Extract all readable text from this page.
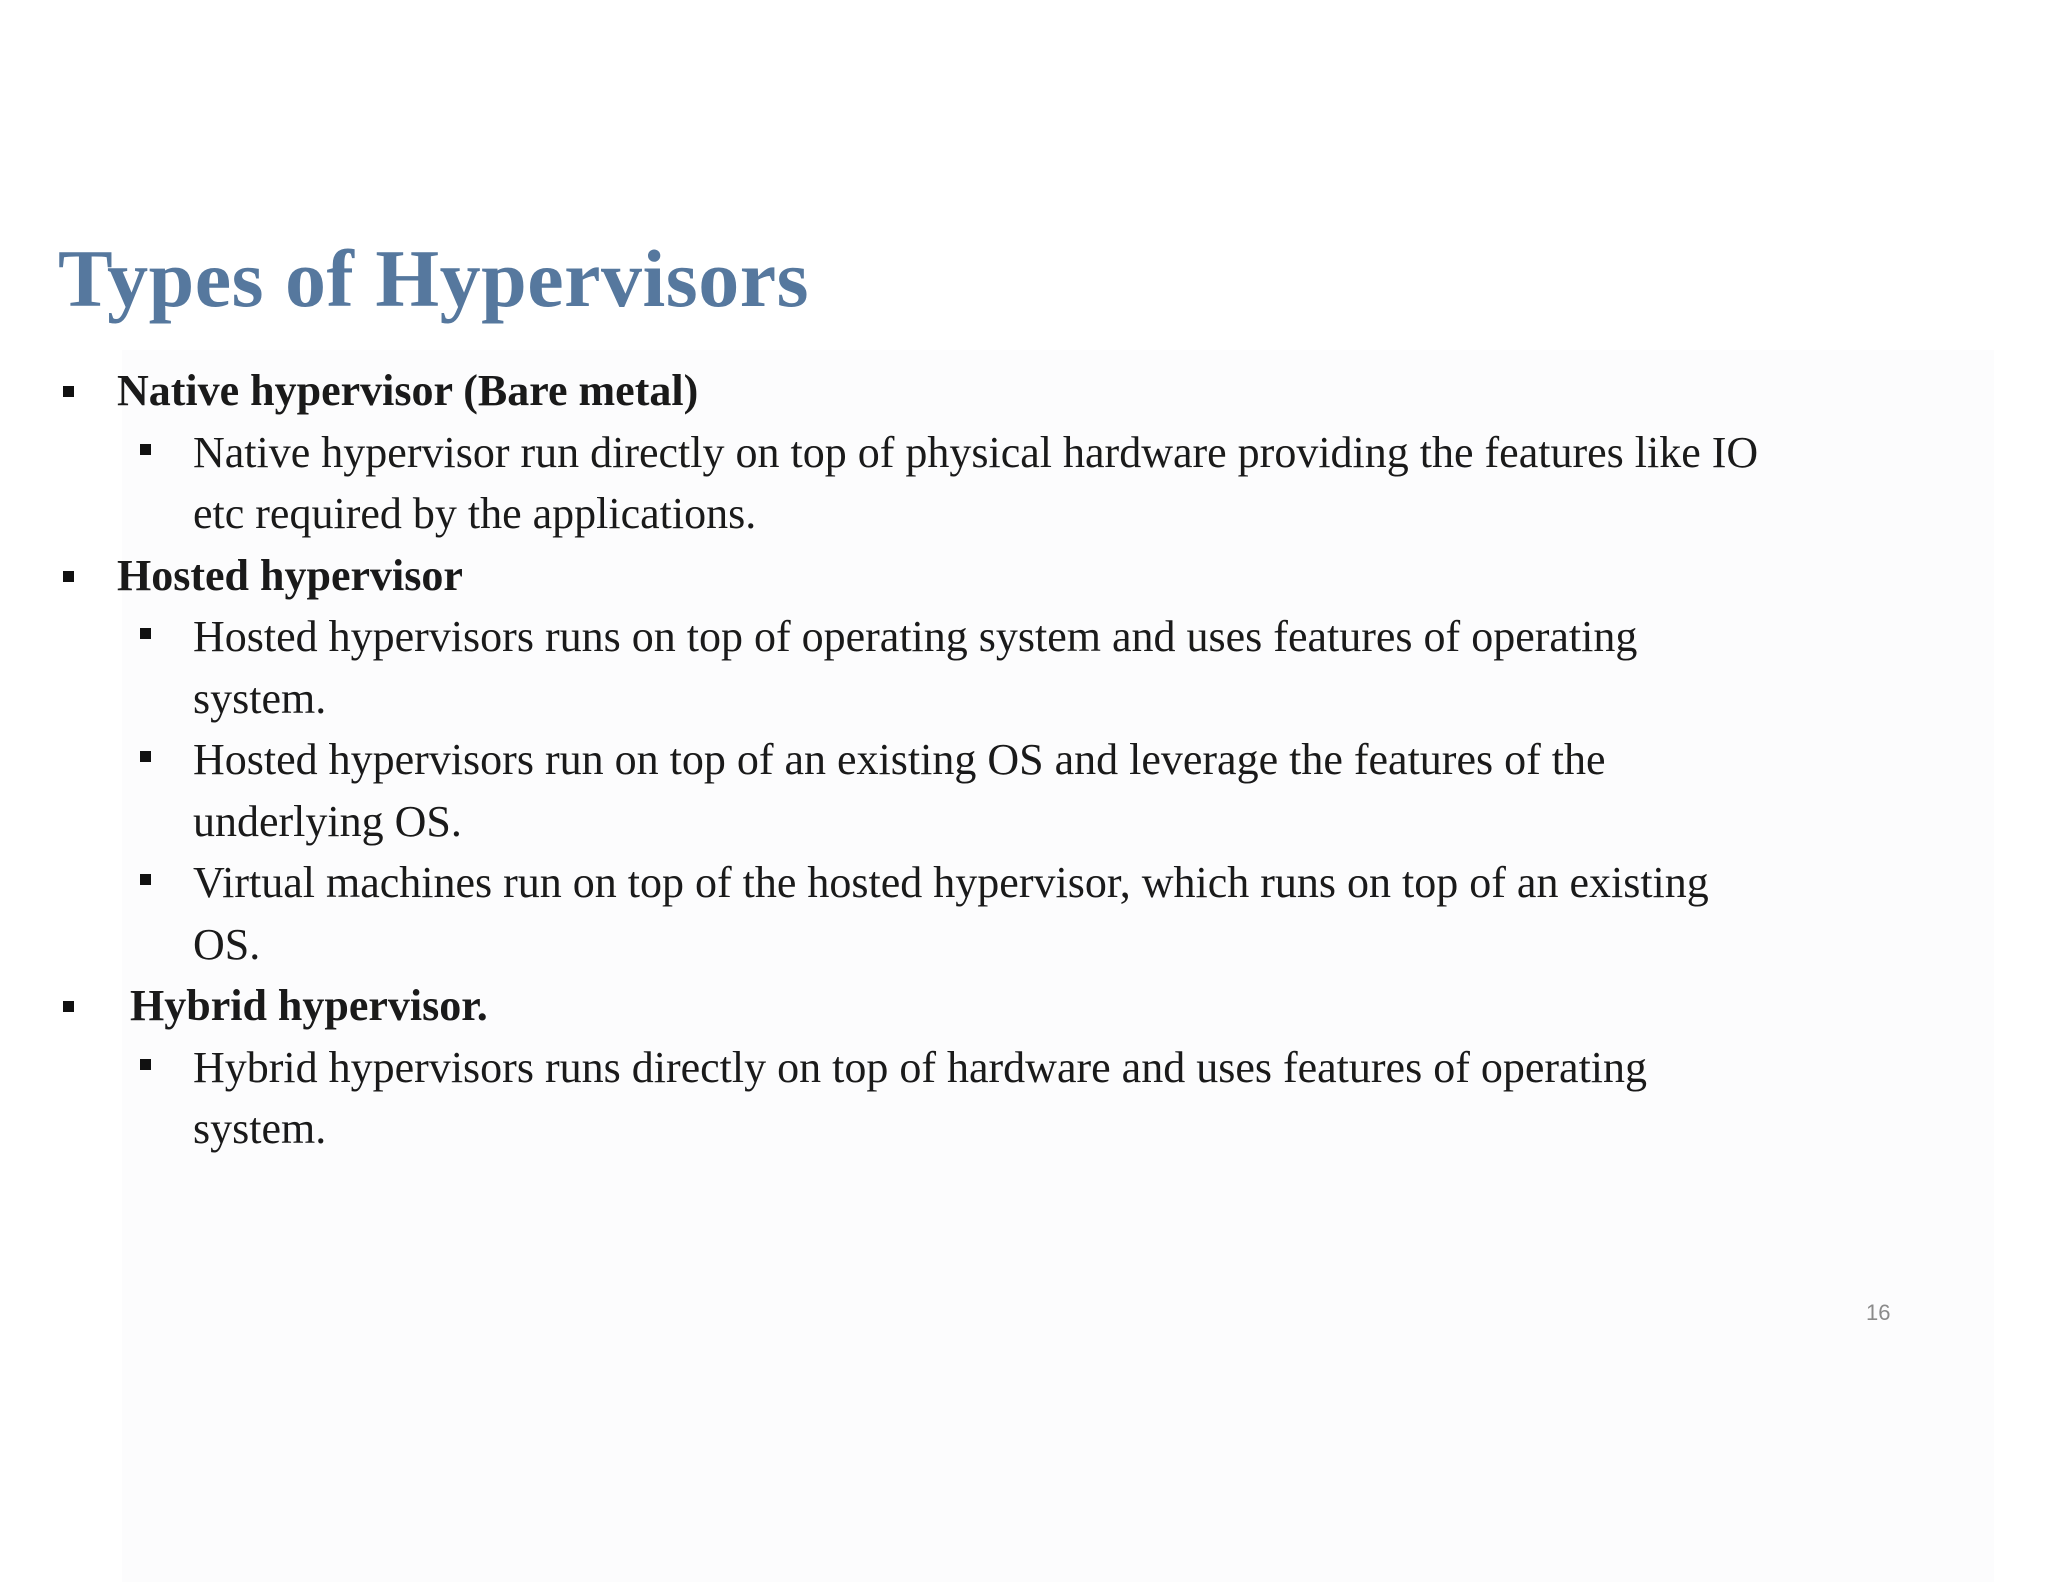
Types of Hypervisors
Native hypervisor (Bare metal)
Native hypervisor run directly on top of physical hardware providing the features like IO
etc required by the applications.
Hosted hypervisor
Hosted hypervisors runs on top of operating system and uses features of operating
system.
Hosted hypervisors run on top of an existing OS and leverage the features of the
underlying OS.
Virtual machines run on top of the hosted hypervisor, which runs on top of an existing
OS.
Hybrid hypervisor.
Hybrid hypervisors runs directly on top of hardware and uses features of operating
system.
16
